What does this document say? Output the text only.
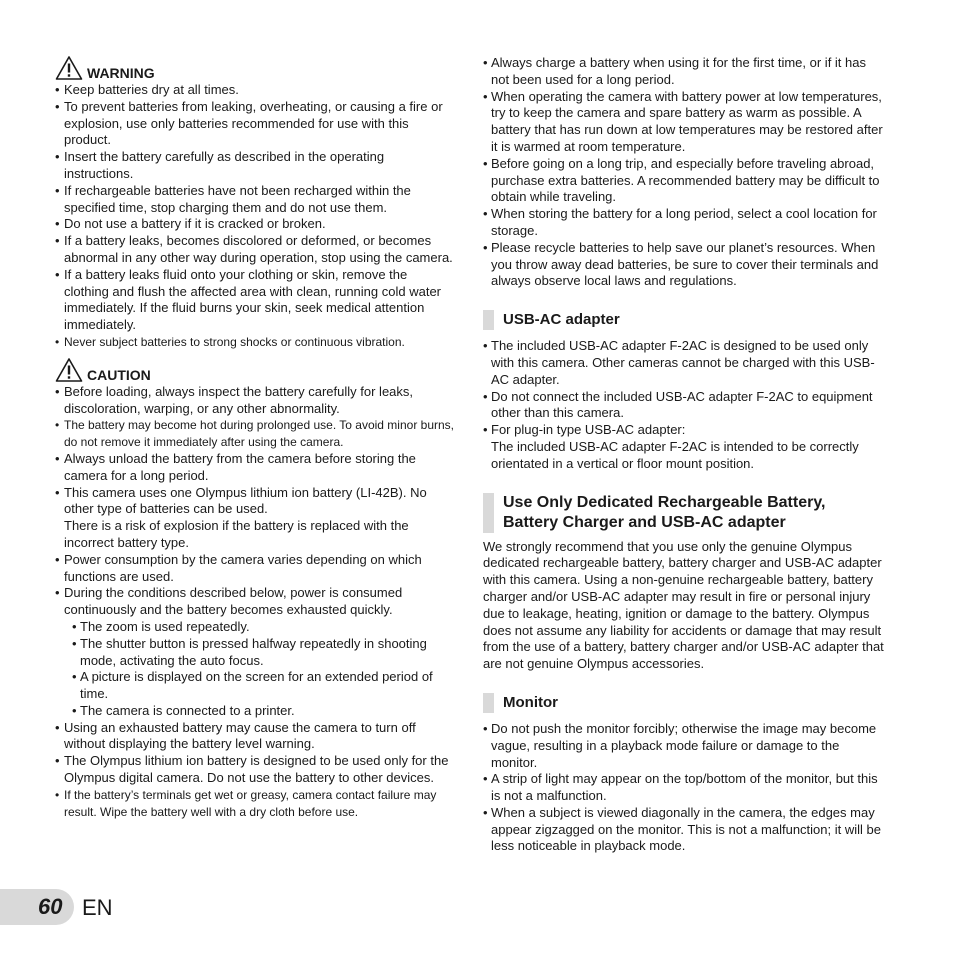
WARNING
• Keep batteries dry at all times.
• To prevent batteries from leaking, overheating, or causing a fire or explosion, use only batteries recommended for use with this product.
• Insert the battery carefully as described in the operating instructions.
• If rechargeable batteries have not been recharged within the specified time, stop charging them and do not use them.
• Do not use a battery if it is cracked or broken.
• If a battery leaks, becomes discolored or deformed, or becomes abnormal in any other way during operation, stop using the camera.
• If a battery leaks fluid onto your clothing or skin, remove the clothing and flush the affected area with clean, running cold water immediately. If the fluid burns your skin, seek medical attention immediately.
• Never subject batteries to strong shocks or continuous vibration.
CAUTION
• Before loading, always inspect the battery carefully for leaks, discoloration, warping, or any other abnormality.
• The battery may become hot during prolonged use. To avoid minor burns, do not remove it immediately after using the camera.
• Always unload the battery from the camera before storing the camera for a long period.
• This camera uses one Olympus lithium ion battery (LI-42B). No other type of batteries can be used.
There is a risk of explosion if the battery is replaced with the incorrect battery type.
• Power consumption by the camera varies depending on which functions are used.
• During the conditions described below, power is consumed continuously and the battery becomes exhausted quickly.
• The zoom is used repeatedly.
• The shutter button is pressed halfway repeatedly in shooting mode, activating the auto focus.
• A picture is displayed on the screen for an extended period of time.
• The camera is connected to a printer.
• Using an exhausted battery may cause the camera to turn off without displaying the battery level warning.
• The Olympus lithium ion battery is designed to be used only for the Olympus digital camera. Do not use the battery to other devices.
• If the battery’s terminals get wet or greasy, camera contact failure may result. Wipe the battery well with a dry cloth before use.
• Always charge a battery when using it for the first time, or if it has not been used for a long period.
• When operating the camera with battery power at low temperatures, try to keep the camera and spare battery as warm as possible. A battery that has run down at low temperatures may be restored after it is warmed at room temperature.
• Before going on a long trip, and especially before traveling abroad, purchase extra batteries. A recommended battery may be difficult to obtain while traveling.
• When storing the battery for a long period, select a cool location for storage.
• Please recycle batteries to help save our planet’s resources. When you throw away dead batteries, be sure to cover their terminals and always observe local laws and regulations.
USB-AC adapter
• The included USB-AC adapter F-2AC is designed to be used only with this camera. Other cameras cannot be charged with this USB-AC adapter.
• Do not connect the included USB-AC adapter F-2AC to equipment other than this camera.
• For plug-in type USB-AC adapter:
The included USB-AC adapter F-2AC is intended to be correctly orientated in a vertical or floor mount position.
Use Only Dedicated Rechargeable Battery,
Battery Charger and USB-AC adapter

We strongly recommend that you use only the genuine Olympus dedicated rechargeable battery, battery charger and USB-AC adapter with this camera. Using a non-genuine rechargeable battery, battery charger and/or USB-AC adapter may result in fire or personal injury due to leakage, heating, ignition or damage to the battery. Olympus does not assume any liability for accidents or damage that may result from the use of a battery, battery charger and/or USB-AC adapter that are not genuine Olympus accessories.

Monitor
• Do not push the monitor forcibly; otherwise the image may become vague, resulting in a playback mode failure or damage to the monitor.
• A strip of light may appear on the top/bottom of the monitor, but this is not a malfunction.
• When a subject is viewed diagonally in the camera, the edges may appear zigzagged on the monitor. This is not a malfunction; it will be less noticeable in playback mode.
60 EN
